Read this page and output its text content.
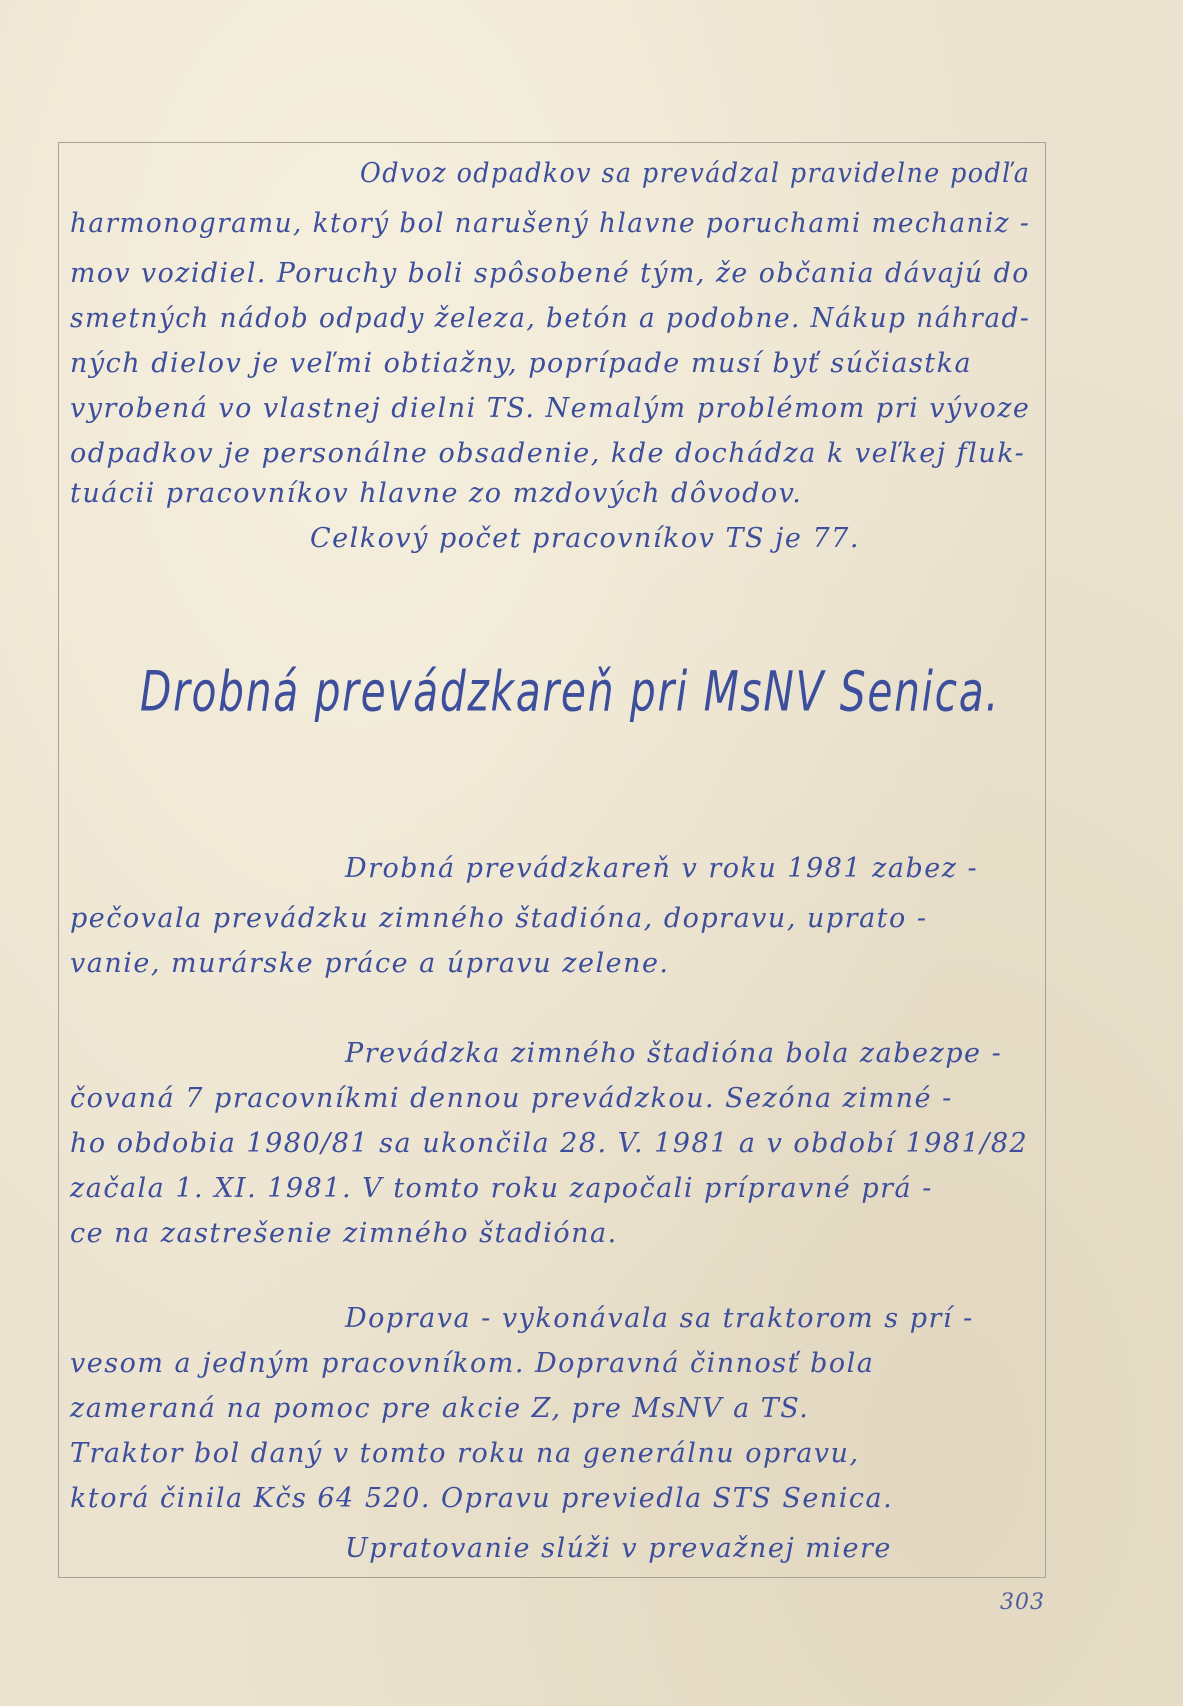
Odvoz odpadkov sa prevádzal pravidelne podľa
harmonogramu, ktorý bol narušený hlavne poruchami mechaniz -
mov vozidiel. Poruchy boli spôsobené tým, že občania dávajú do
smetných nádob odpady železa, betón a podobne. Nákup náhrad-
ných dielov je veľmi obtiažny, poprípade musí byť súčiastka
vyrobená vo vlastnej dielni TS. Nemalým problémom pri vývoze
odpadkov je personálne obsadenie, kde dochádza k veľkej fluk-
tuácii pracovníkov hlavne zo mzdových dôvodov.
Celkový počet pracovníkov TS je 77.
Drobná prevádzkareň pri MsNV Senica.
Drobná prevádzkareň v roku 1981 zabez -
pečovala prevádzku zimného štadióna, dopravu, uprato -
vanie, murárske práce a úpravu zelene.
Prevádzka zimného štadióna bola zabezpe -
čovaná 7 pracovníkmi dennou prevádzkou. Sezóna zimné -
ho obdobia 1980/81 sa ukončila 28. V. 1981 a v období 1981/82
začala 1. XI. 1981. V tomto roku započali prípravné prá -
ce na zastrešenie zimného štadióna.
Doprava - vykonávala sa traktorom s prí -
vesom a jedným pracovníkom. Dopravná činnosť bola
zameraná na pomoc pre akcie Z, pre MsNV a TS.
Traktor bol daný v tomto roku na generálnu opravu,
ktorá činila Kčs 64 520. Opravu previedla STS Senica.
Upratovanie slúži v prevažnej miere
303
